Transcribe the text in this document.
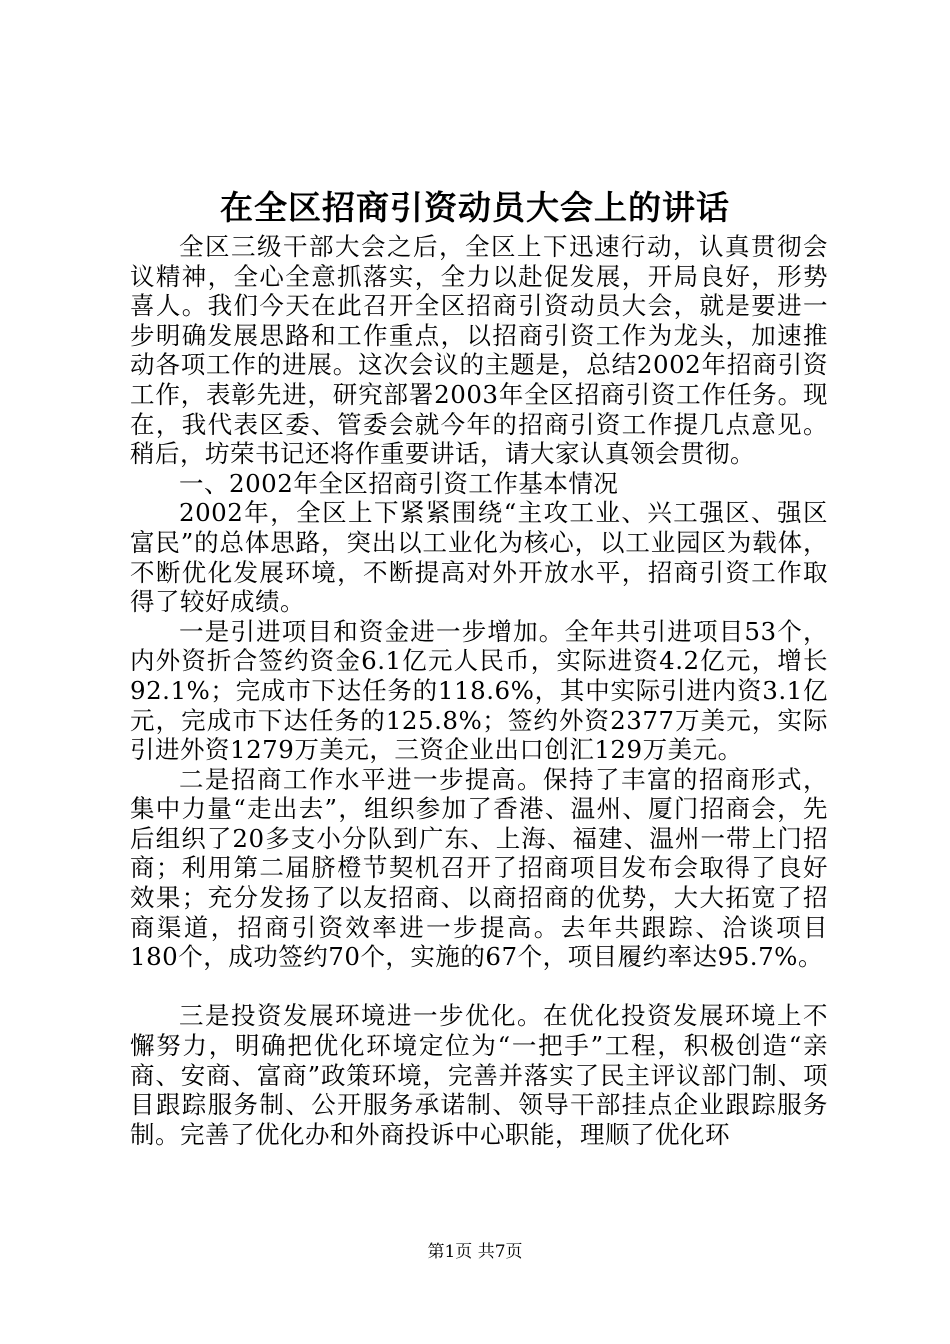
在全区招商引资动员大会上的讲话

全区三级干部大会之后，全区上下迅速行动，认真贯彻会议精神，全心全意抓落实，全力以赴促发展，开局良好，形势喜人。我们今天在此召开全区招商引资动员大会，就是要进一步明确发展思路和工作重点，以招商引资工作为龙头，加速推动各项工作的进展。这次会议的主题是，总结2002年招商引资工作，表彰先进，研究部署2003年全区招商引资工作任务。现在，我代表区委、管委会就今年的招商引资工作提几点意见。稍后，坊荣书记还将作重要讲话，请大家认真领会贯彻。

一、2002年全区招商引资工作基本情况

2002年，全区上下紧紧围绕“主攻工业、兴工强区、强区富民”的总体思路，突出以工业化为核心，以工业园区为载体，不断优化发展环境，不断提高对外开放水平，招商引资工作取得了较好成绩。

一是引进项目和资金进一步增加。全年共引进项目53个，内外资折合签约资金6.1亿元人民币，实际进资4.2亿元，增长92.1%；完成市下达任务的118.6%，其中实际引进内资3.1亿元，完成市下达任务的125.8%；签约外资2377万美元，实际引进外资1279万美元，三资企业出口创汇129万美元。

二是招商工作水平进一步提高。保持了丰富的招商形式，集中力量“走出去”，组织参加了香港、温州、厦门招商会，先后组织了20多支小分队到广东、上海、福建、温州一带上门招商；利用第二届脐橙节契机召开了招商项目发布会取得了良好效果；充分发扬了以友招商、以商招商的优势，大大拓宽了招商渠道，招商引资效率进一步提高。去年共跟踪、洽谈项目180个，成功签约70个，实施的67个，项目履约率达95.7%。

三是投资发展环境进一步优化。在优化投资发展环境上不懈努力，明确把优化环境定位为“一把手”工程，积极创造“亲商、安商、富商”政策环境，完善并落实了民主评议部门制、项目跟踪服务制、公开服务承诺制、领导干部挂点企业跟踪服务制。完善了优化办和外商投诉中心职能，理顺了优化环

第1页 共7页
